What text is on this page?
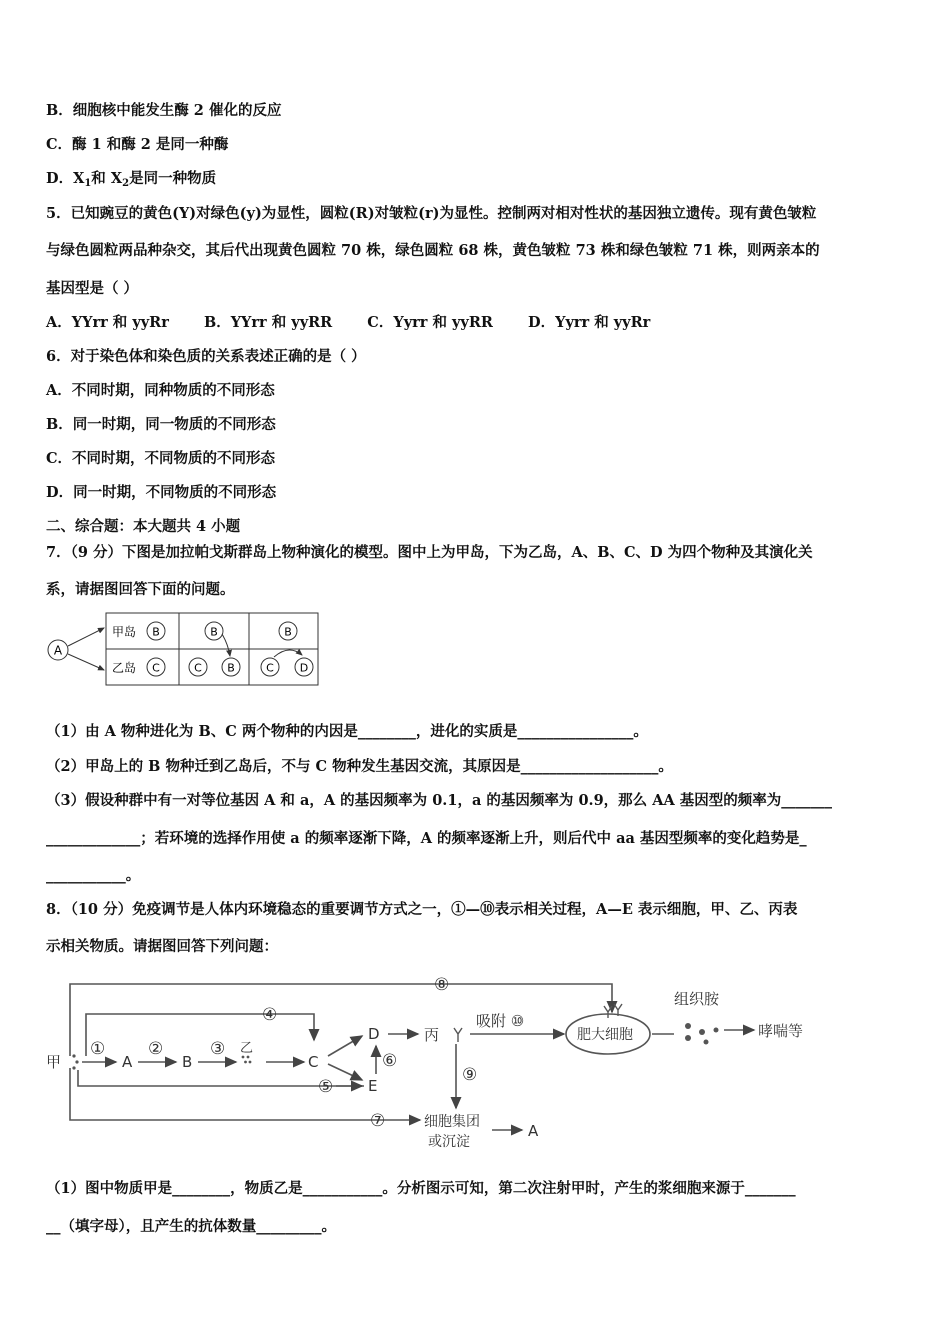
B．细胞核中能发生酶 2 催化的反应
C．酶 1 和酶 2 是同一种酶
D．$X_1$和 $X_2$是同一种物质
5．已知豌豆的黄色(Y)对绿色(y)为显性，圆粒(R)对皱粒(r)为显性。控制两对相对性状的基因独立遗传。现有黄色皱粒
与绿色圆粒两品种杂交，其后代出现黄色圆粒 70 株，绿色圆粒 68 株，黄色皱粒 73 株和绿色皱粒 71 株，则两亲本的
基因型是（ ）
A．YYrr 和 yyRr B．YYrr 和 yyRR C．Yyrr 和 yyRR D．Yyrr 和 yyRr
6．对于染色体和染色质的关系表述正确的是（ ）
A．不同时期，同种物质的不同形态
B．同一时期，同一物质的不同形态
C．不同时期，不同物质的不同形态
D．同一时期，不同物质的不同形态
二、综合题：本大题共 4 小题
7．（9 分）下图是加拉帕戈斯群岛上物种演化的模型。图中上为甲岛，下为乙岛，A、B、C、D 为四个物种及其演化关
系，请据图回答下面的问题。
A
甲岛
乙岛
B
C
B
C B
B
C D
（1）由 A 物种进化为 B、C 两个物种的内因是________，进化的实质是________________。
（2）甲岛上的 B 物种迁到乙岛后，不与 C 物种发生基因交流，其原因是___________________。
（3）假设种群中有一对等位基因 A 和 a，A 的基因频率为 0.1，a 的基因频率为 0.9，那么 AA 基因型的频率为_______
_____________；若环境的选择作用使 a 的频率逐渐下降，A 的频率逐渐上升，则后代中 aa 基因型频率的变化趋势是_
___________。
8．（10 分）免疫调节是人体内环境稳态的重要调节方式之一，①—⑩表示相关过程，A—E 表示细胞，甲、乙、丙表
示相关物质。请据图回答下列问题：
甲	A	B	C
D
E
丙
乙
吸附 ⑩
肥大细胞
组织胺
哮喘等
细胞集团
或沉淀
A
①	②	③
④
⑤
⑥
⑦
⑧
⑨
（1）图中物质甲是________，物质乙是___________。分析图示可知，第二次注射甲时，产生的浆细胞来源于_______
__（填字母），且产生的抗体数量_________。
